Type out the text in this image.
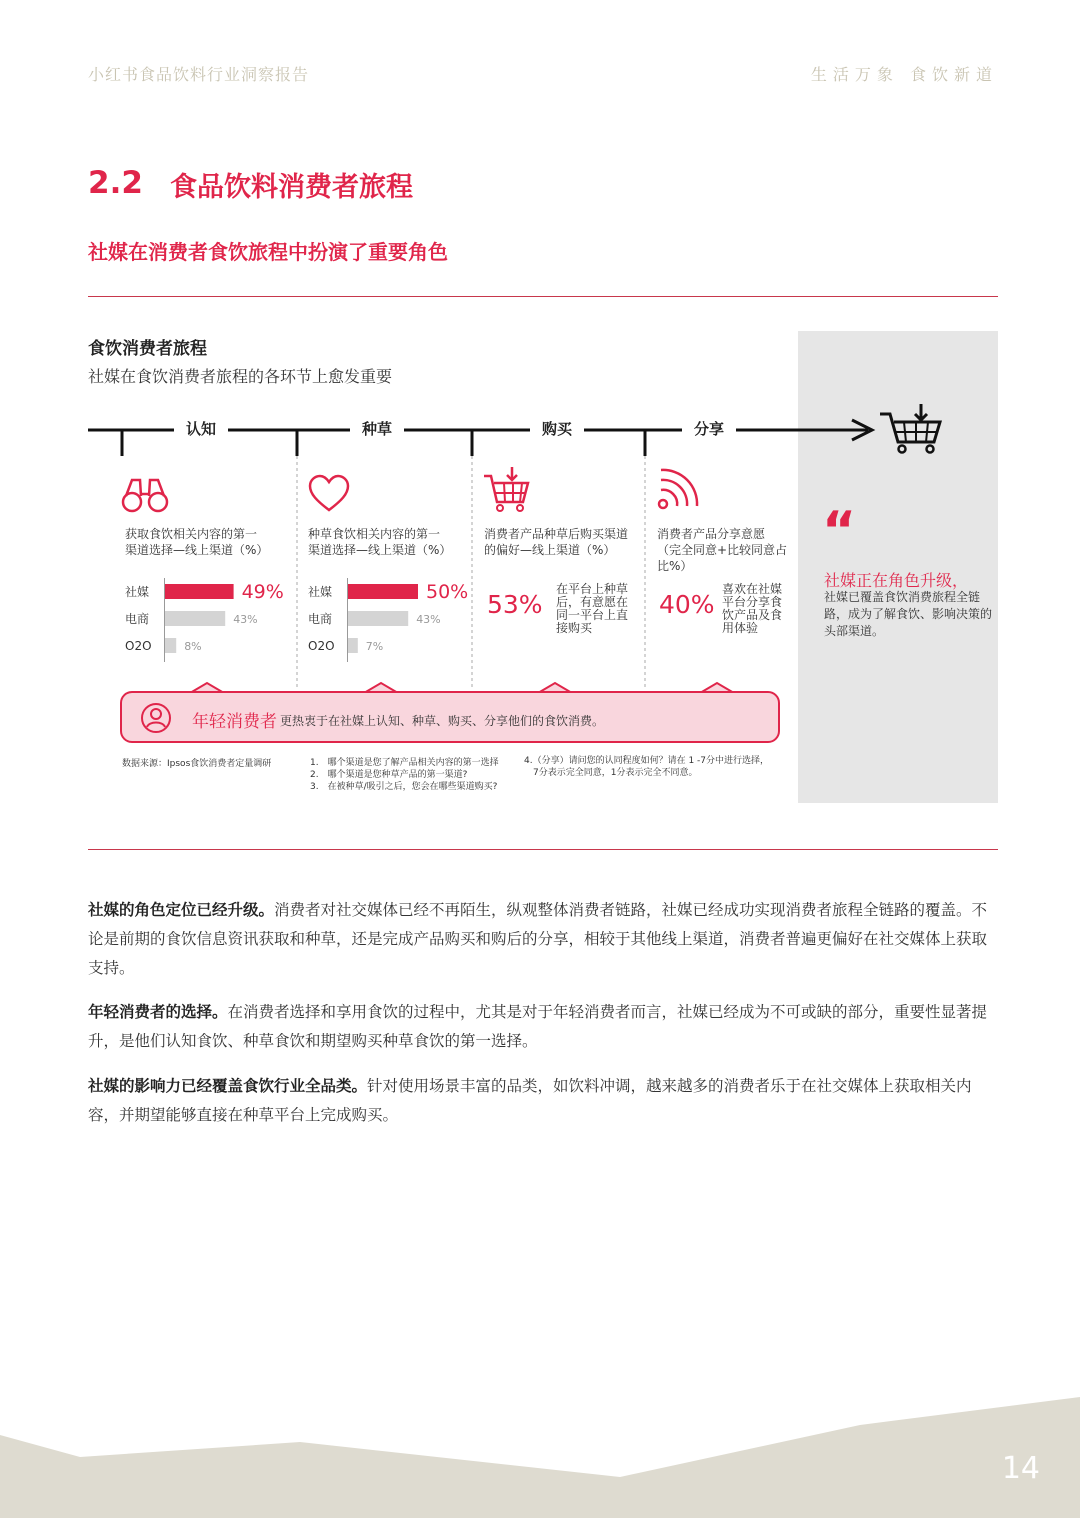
小红书食品饮料行业洞察报告	生活万象 食饮新道
2.2 食品饮料消费者旅程
社媒在消费者食饮旅程中扮演了重要角色
食饮消费者旅程
社媒在食饮消费者旅程的各环节上愈发重要
认知	种草	购买	分享
获取食饮相关内容的第一
渠道选择—线上渠道（%）
社媒	49%
电商	43%
O2O	8%
种草食饮相关内容的第一
渠道选择—线上渠道（%）
社媒	50%
电商	43%
O2O	7%
消费者产品种草后购买渠道
的偏好—线上渠道（%）
53%
在平台上种草
后，有意愿在
同一平台上直
接购买
消费者产品分享意愿
（完全同意+比较同意占
比%）
40%
喜欢在社媒
平台分享食
饮产品及食
用体验
“
社媒正在角色升级，
社媒已覆盖食饮消费旅程全链路，成为了解食饮、影响决策的头部渠道。
年轻消费者 更热衷于在社媒上认知、种草、购买、分享他们的食饮消费。
数据来源：Ipsos食饮消费者定量调研	1.　哪个渠道是您了解产品相关内容的第一选择
2.　哪个渠道是您种草产品的第一渠道?
3.　在被种草/吸引之后，您会在哪些渠道购买?
4.（分享）请问您的认同程度如何？请在 1 -7分中进行选择，
　7分表示完全同意，1分表示完全不同意。
社媒的角色定位已经升级。消费者对社交媒体已经不再陌生，纵观整体消费者链路，社媒已经成功实现消费者旅程全链路的覆盖。不论是前期的食饮信息资讯获取和种草，还是完成产品购买和购后的分享，相较于其他线上渠道，消费者普遍更偏好在社交媒体上获取支持。
年轻消费者的选择。在消费者选择和享用食饮的过程中，尤其是对于年轻消费者而言，社媒已经成为不可或缺的部分，重要性显著提升，是他们认知食饮、种草食饮和期望购买种草食饮的第一选择。
社媒的影响力已经覆盖食饮行业全品类。针对使用场景丰富的品类，如饮料冲调，越来越多的消费者乐于在社交媒体上获取相关内容，并期望能够直接在种草平台上完成购买。
14
